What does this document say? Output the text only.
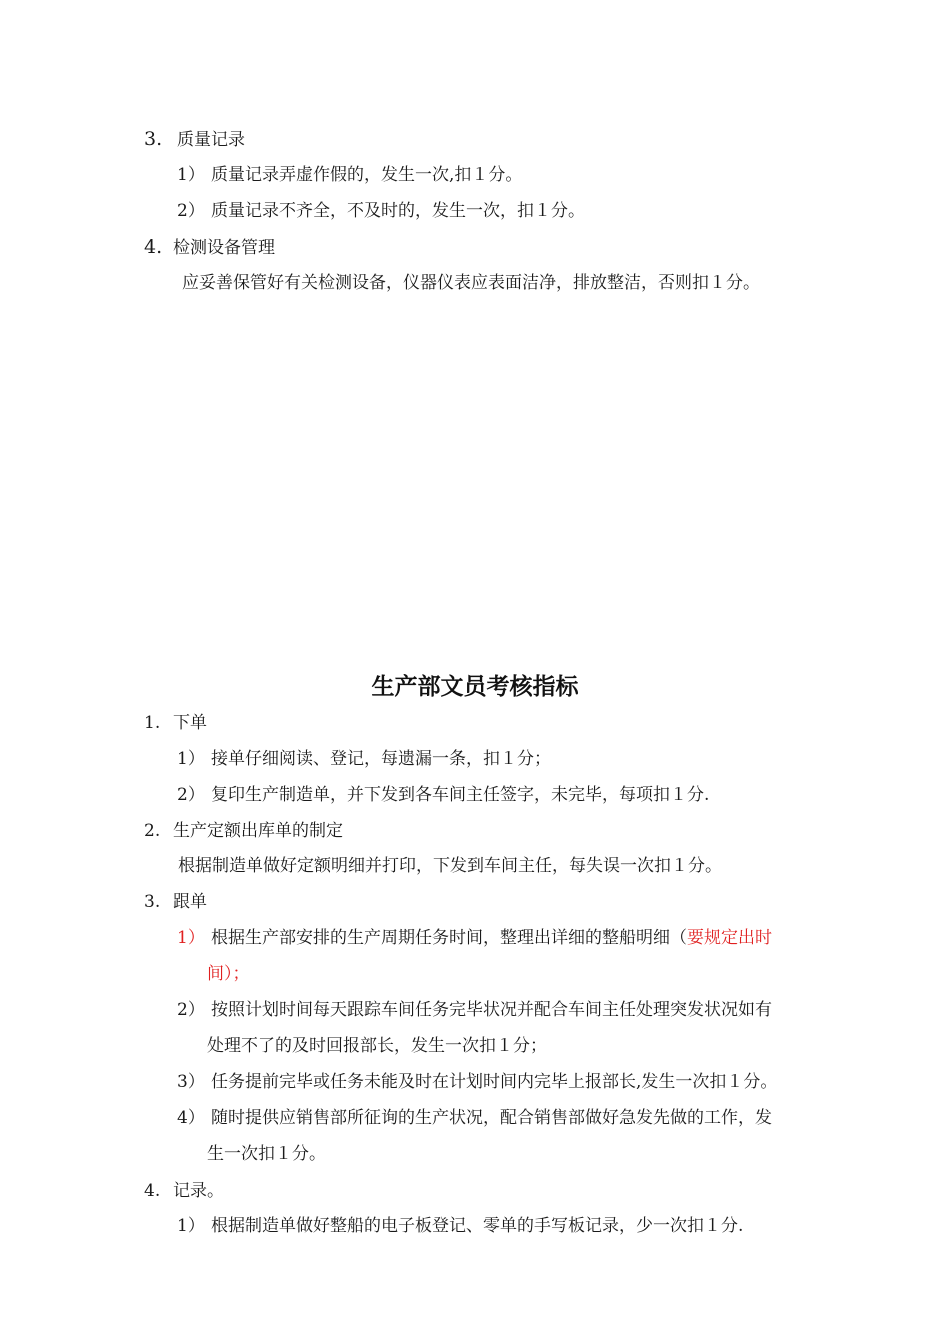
3. 质量记录
1） 质量记录弄虚作假的，发生一次,扣１分。
2） 质量记录不齐全，不及时的，发生一次，扣１分。
4. 检测设备管理
应妥善保管好有关检测设备，仪器仪表应表面洁净，排放整洁，否则扣１分。
生产部文员考核指标
1. 下单
1） 接单仔细阅读、登记，每遗漏一条，扣１分；
2） 复印生产制造单，并下发到各车间主任签字，未完毕，每项扣１分.
2. 生产定额出库单的制定
根据制造单做好定额明细并打印，下发到车间主任，每失误一次扣１分。
3. 跟单
1） 根据生产部安排的生产周期任务时间，整理出详细的整船明细（要规定出时
间）；
2） 按照计划时间每天跟踪车间任务完毕状况并配合车间主任处理突发状况如有
处理不了的及时回报部长，发生一次扣１分；
3） 任务提前完毕或任务未能及时在计划时间内完毕上报部长,发生一次扣１分。
4） 随时提供应销售部所征询的生产状况，配合销售部做好急发先做的工作，发
生一次扣１分。
4. 记录。
1） 根据制造单做好整船的电子板登记、零单的手写板记录，少一次扣１分.
